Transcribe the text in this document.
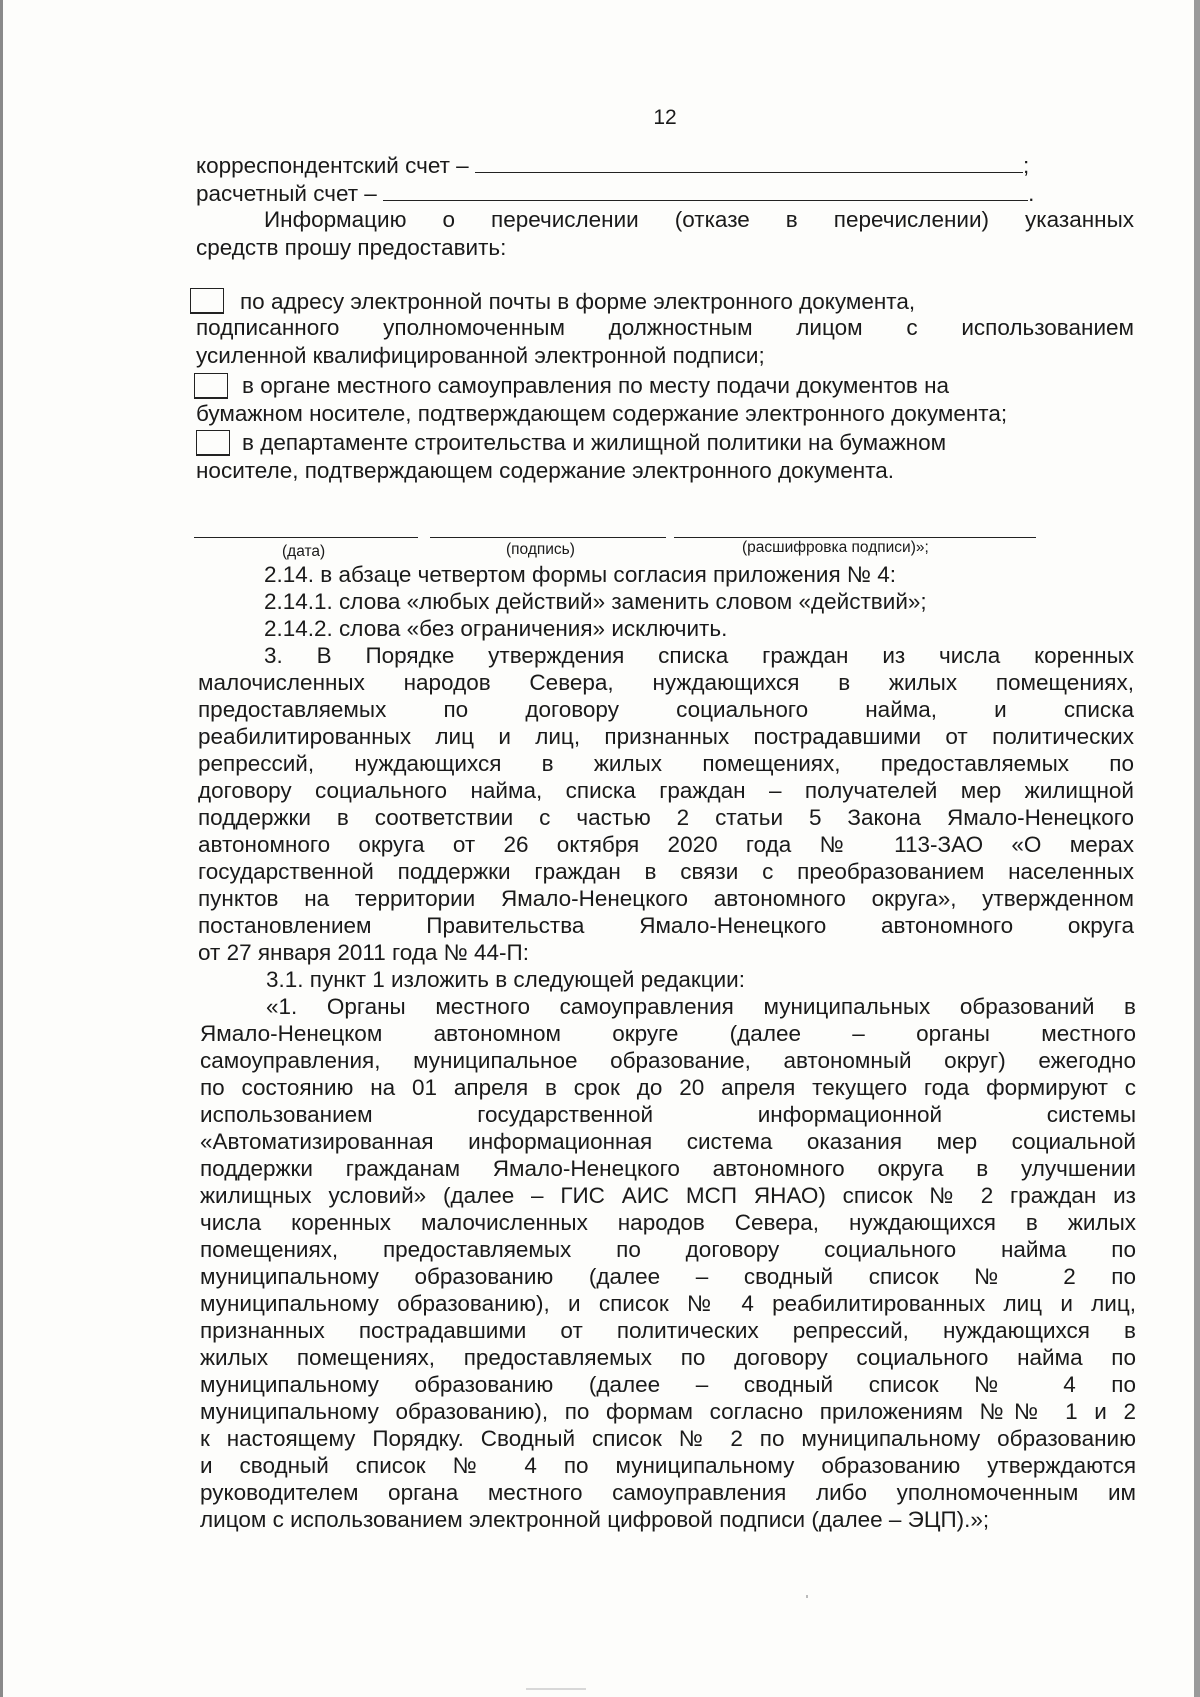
12
корреспондентский счет –	;
расчетный счет –	.
Информацию о перечислении (отказе в перечислении) указанных
средств прошу предоставить:
по адресу электронной почты в форме электронного документа,
подписанного уполномоченным должностным лицом с использованием
усиленной квалифицированной электронной подписи;
в органе местного самоуправления по месту подачи документов на
бумажном носителе, подтверждающем содержание электронного документа;
в департаменте строительства и жилищной политики на бумажном
носителе, подтверждающем содержание электронного документа.
(дата)	(подпись)	(расшифровка подписи)»;
2.14. в абзаце четвертом формы согласия приложения № 4:
2.14.1. слова «любых действий» заменить словом «действий»;
2.14.2. слова «без ограничения» исключить.
3. В Порядке утверждения списка граждан из числа коренных
малочисленных народов Севера, нуждающихся в жилых помещениях,
предоставляемых по договору социального найма, и списка
реабилитированных лиц и лиц, признанных пострадавшими от политических
репрессий, нуждающихся в жилых помещениях, предоставляемых по
договору социального найма, списка граждан – получателей мер жилищной
поддержки в соответствии с частью 2 статьи 5 Закона Ямало-Ненецкого
автономного округа от 26 октября 2020 года № 113-ЗАО «О мерах
государственной поддержки граждан в связи с преобразованием населенных
пунктов на территории Ямало-Ненецкого автономного округа», утвержденном
постановлением Правительства Ямало-Ненецкого автономного округа
от 27 января 2011 года № 44-П:
3.1. пункт 1 изложить в следующей редакции:
«1. Органы местного самоуправления муниципальных образований в
Ямало-Ненецком автономном округе (далее – органы местного
самоуправления, муниципальное образование, автономный округ) ежегодно
по состоянию на 01 апреля в срок до 20 апреля текущего года формируют с
использованием государственной информационной системы
«Автоматизированная информационная система оказания мер социальной
поддержки гражданам Ямало-Ненецкого автономного округа в улучшении
жилищных условий» (далее – ГИС АИС МСП ЯНАО) список № 2 граждан из
числа коренных малочисленных народов Севера, нуждающихся в жилых
помещениях, предоставляемых по договору социального найма по
муниципальному образованию (далее – сводный список № 2 по
муниципальному образованию), и список № 4 реабилитированных лиц и лиц,
признанных пострадавшими от политических репрессий, нуждающихся в
жилых помещениях, предоставляемых по договору социального найма по
муниципальному образованию (далее – сводный список № 4 по
муниципальному образованию), по формам согласно приложениям №№ 1 и 2
к настоящему Порядку. Сводный список № 2 по муниципальному образованию
и сводный список № 4 по муниципальному образованию утверждаются
руководителем органа местного самоуправления либо уполномоченным им
лицом с использованием электронной цифровой подписи (далее – ЭЦП).»;
